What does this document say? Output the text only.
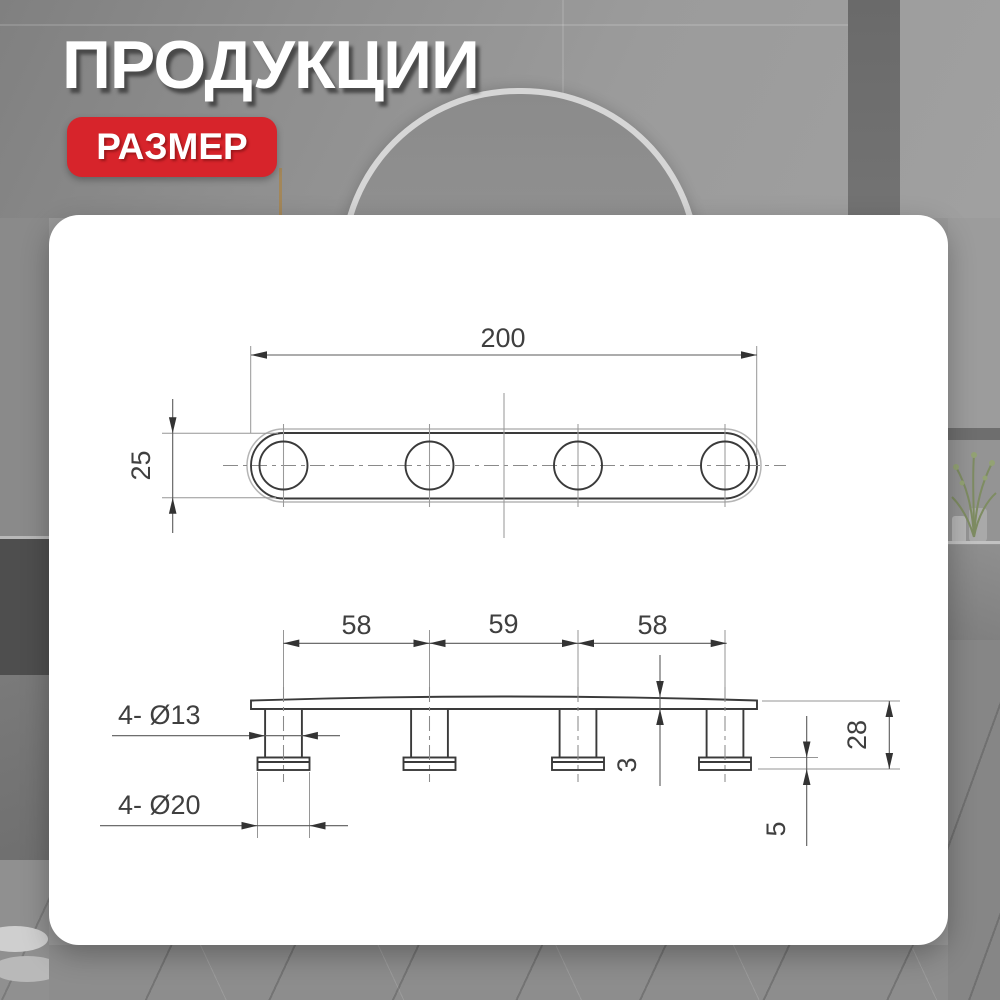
ПРОДУКЦИИ
РАЗМЕР
200
25
58	59	58
3
28
5
4- Ø13
4- Ø20
